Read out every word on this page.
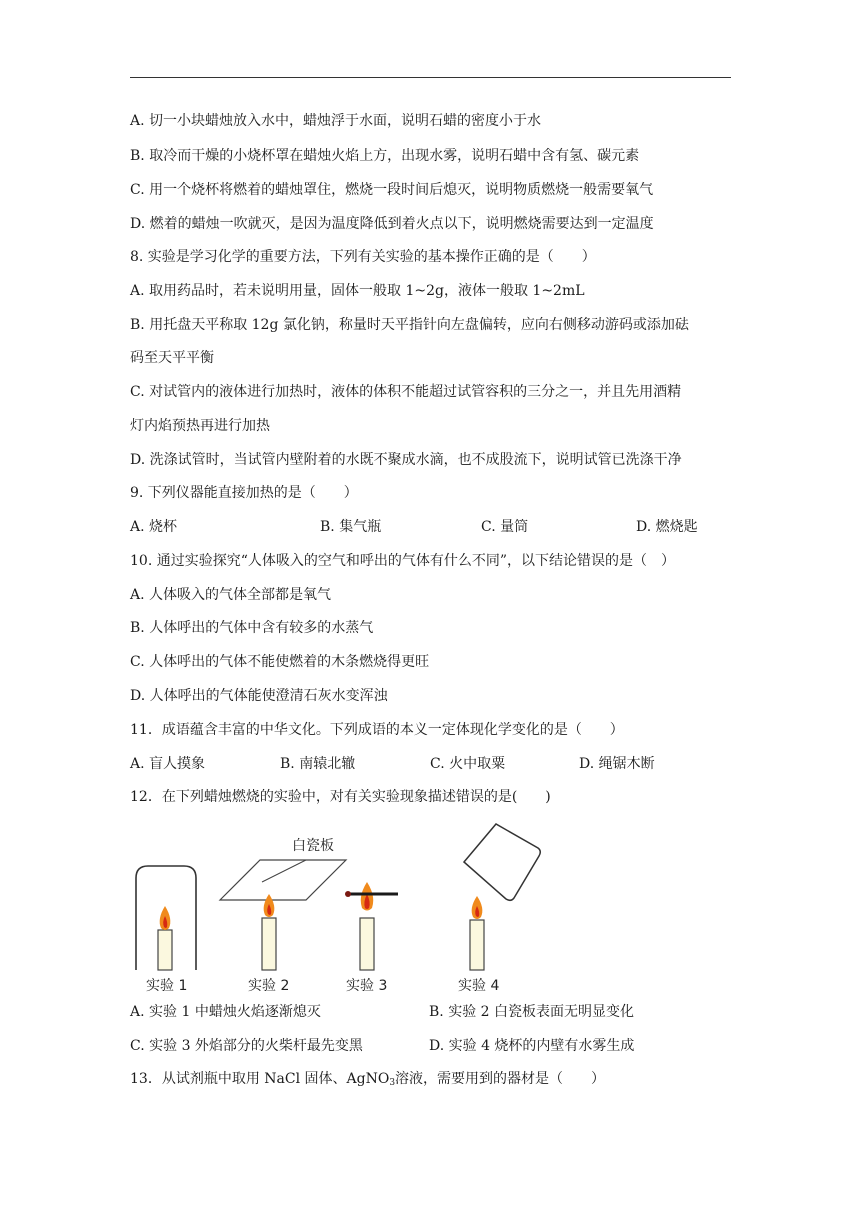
A. 切一小块蜡烛放入水中，蜡烛浮于水面，说明石蜡的密度小于水
B. 取冷而干燥的小烧杯罩在蜡烛火焰上方，出现水雾，说明石蜡中含有氢、碳元素
C. 用一个烧杯将燃着的蜡烛罩住，燃烧一段时间后熄灭，说明物质燃烧一般需要氧气
D. 燃着的蜡烛一吹就灭，是因为温度降低到着火点以下，说明燃烧需要达到一定温度
8. 实验是学习化学的重要方法，下列有关实验的基本操作正确的是（　　）
A. 取用药品时，若未说明用量，固体一般取 1~2g，液体一般取 1~2mL
B. 用托盘天平称取 12g 氯化钠，称量时天平指针向左盘偏转，应向右侧移动游码或添加砝
码至天平平衡
C. 对试管内的液体进行加热时，液体的体积不能超过试管容积的三分之一，并且先用酒精
灯内焰预热再进行加热
D. 洗涤试管时，当试管内壁附着的水既不聚成水滴，也不成股流下，说明试管已洗涤干净
9. 下列仪器能直接加热的是（　　）
A. 烧杯	B. 集气瓶	C. 量筒	D. 燃烧匙
10. 通过实验探究“人体吸入的空气和呼出的气体有什么不同”，以下结论错误的是（　）
A. 人体吸入的气体全部都是氧气
B. 人体呼出的气体中含有较多的水蒸气
C. 人体呼出的气体不能使燃着的木条燃烧得更旺
D. 人体呼出的气体能使澄清石灰水变浑浊
11．成语蕴含丰富的中华文化。下列成语的本义一定体现化学变化的是（　　）
A. 盲人摸象	B. 南辕北辙	C. 火中取粟	D. 绳锯木断
12．在下列蜡烛燃烧的实验中，对有关实验现象描述错误的是(　　)
实验 1
白瓷板
实验 2	实验 3	实验 4
A. 实验 1 中蜡烛火焰逐渐熄灭	B. 实验 2 白瓷板表面无明显变化
C. 实验 3 外焰部分的火柴杆最先变黑	D. 实验 4 烧杯的内壁有水雾生成
13．从试剂瓶中取用 NaCl 固体、AgNO$_3$溶液，需要用到的器材是（　　）
